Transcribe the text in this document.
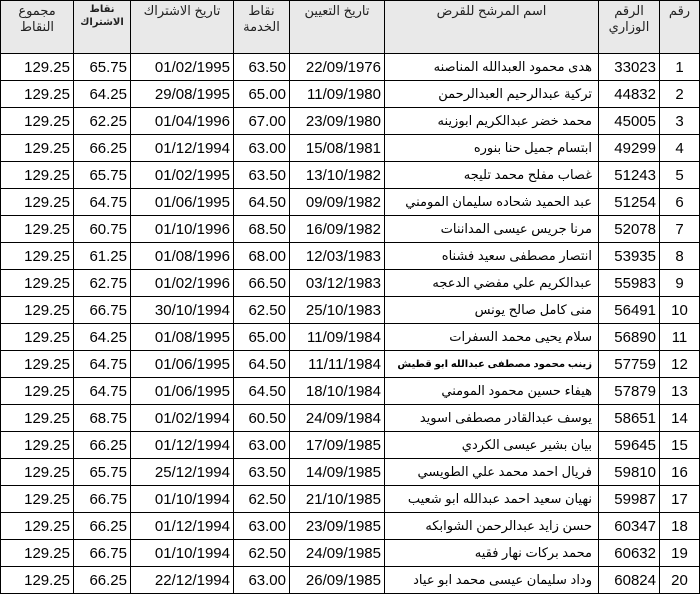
مجموع النقاط	نقاط الاشتراك	تاريخ الاشتراك	نقاط الخدمة	تاريخ التعيين	اسم المرشح للقرض	الرقم الوزاري	رقم
129.25	65.75	01/02/1995	63.50	22/09/1976	هدى محمود العبدالله المناصنه	33023	1
129.25	64.25	29/08/1995	65.00	11/09/1980	تركية عبدالرحيم العبدالرحمن	44832	2
129.25	62.25	01/04/1996	67.00	23/09/1980	محمد خضر عبدالكريم ابوزينه	45005	3
129.25	66.25	01/12/1994	63.00	15/08/1981	ابتسام جميل حنا بنوره	49299	4
129.25	65.75	01/02/1995	63.50	13/10/1982	غصاب مفلح محمد تليجه	51243	5
129.25	64.75	01/06/1995	64.50	09/09/1982	عبد الحميد شحاده سليمان المومني	51254	6
129.25	60.75	01/10/1996	68.50	16/09/1982	مرنا جريس عيسى المداننات	52078	7
129.25	61.25	01/08/1996	68.00	12/03/1983	انتصار مصطفى سعيد فشناه	53935	8
129.25	62.75	01/02/1996	66.50	03/12/1983	عبدالكريم علي مفضي الدعجه	55983	9
129.25	66.75	30/10/1994	62.50	25/10/1983	منى كامل صالح يونس	56491	10
129.25	64.25	01/08/1995	65.00	11/09/1984	سلام يحيى محمد السفرات	56890	11
129.25	64.75	01/06/1995	64.50	11/11/1984	زينب محمود مصطفى عبدالله ابو قطيش	57759	12
129.25	64.75	01/06/1995	64.50	18/10/1984	هيفاء حسين محمود المومني	57879	13
129.25	68.75	01/02/1994	60.50	24/09/1984	يوسف عبدالقادر مصطفى اسويد	58651	14
129.25	66.25	01/12/1994	63.00	17/09/1985	بيان بشير عيسى الكردي	59645	15
129.25	65.75	25/12/1994	63.50	14/09/1985	فريال احمد محمد علي الطويسي	59810	16
129.25	66.75	01/10/1994	62.50	21/10/1985	نهيان سعيد احمد عبدالله ابو شعيب	59987	17
129.25	66.25	01/12/1994	63.00	23/09/1985	حسن زايد عبدالرحمن الشوابكه	60347	18
129.25	66.75	01/10/1994	62.50	24/09/1985	محمد بركات نهار فقيه	60632	19
129.25	66.25	22/12/1994	63.00	26/09/1985	وداد سليمان عيسى محمد ابو عياد	60824	20
